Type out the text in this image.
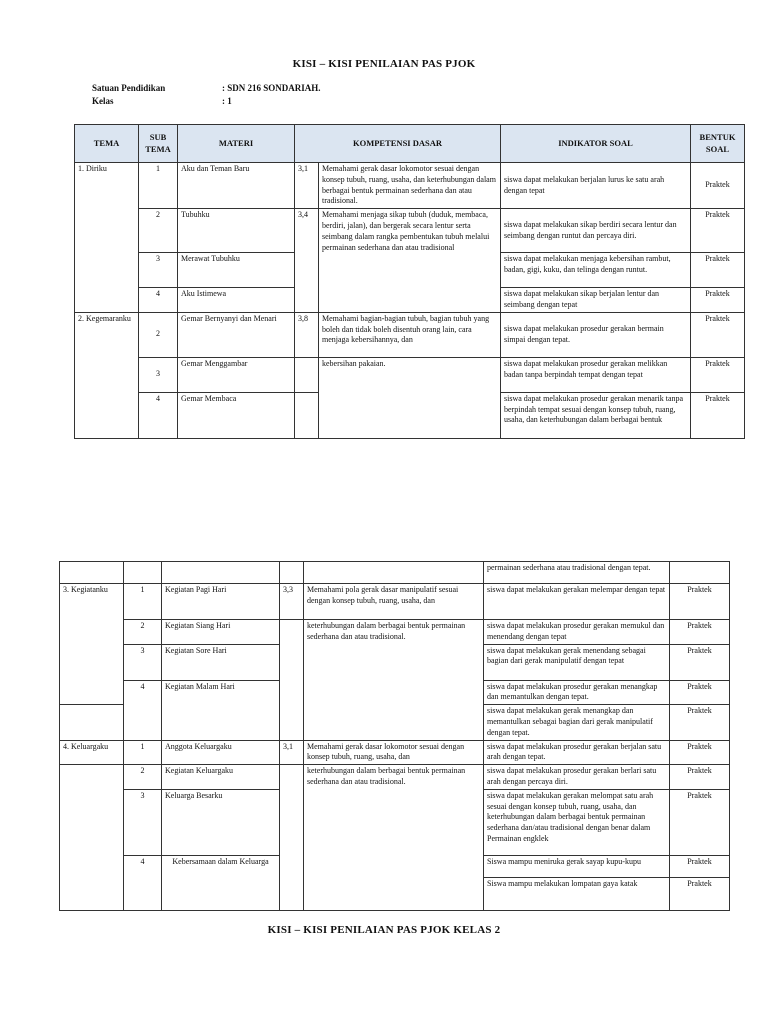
KISI – KISI PENILAIAN PAS PJOK
Satuan Pendidikan	: SDN 216 SONDARIAH.
Kelas	: 1
TEMA	SUB TEMA	MATERI	KOMPETENSI DASAR		INDIKATOR SOAL	BENTUK SOAL
1. Diriku	1	Aku dan Teman Baru	3,1	Memahami gerak dasar lokomotor sesuai dengan konsep tubuh, ruang, usaha, dan keterhubungan dalam berbagai bentuk permainan sederhana dan atau tradisional.	siswa dapat melakukan berjalan lurus ke satu arah dengan tepat	Praktek
	2	Tubuhku	3,4	Memahami menjaga sikap tubuh (duduk, membaca, berdiri, jalan), dan bergerak secara lentur serta seimbang dalam rangka pembentukan tubuh melalui permainan sederhana dan atau tradisional	siswa dapat melakukan sikap berdiri secara lentur dan seimbang dengan runtut dan percaya diri.	Praktek
	3	Merawat Tubuhku			siswa dapat melakukan menjaga kebersihan rambut, badan, gigi, kuku, dan telinga dengan runtut.	Praktek
	4	Aku Istimewa			siswa dapat melakukan sikap berjalan lentur dan seimbang dengan tepat	Praktek
2. Kegemaranku	2	Gemar Bernyanyi dan Menari	3,8	Memahami bagian-bagian tubuh, bagian tubuh yang boleh dan tidak boleh disentuh orang lain, cara menjaga kebersihannya, dan	siswa dapat melakukan prosedur gerakan bermain simpai dengan tepat.	Praktek
	3	Gemar Menggambar		kebersihan pakaian.	siswa dapat melakukan prosedur gerakan melikkan badan tanpa berpindah tempat dengan tepat	Praktek
	4	Gemar Membaca			siswa dapat melakukan prosedur gerakan menarik tanpa berpindah tempat sesuai dengan konsep tubuh, ruang, usaha, dan keterhubungan dalam berbagai bentuk	Praktek
					permainan sederhana atau tradisional dengan tepat.	
3. Kegiatanku	1	Kegiatan Pagi Hari	3,3	Memahami pola gerak dasar manipulatif sesuai dengan konsep tubuh, ruang, usaha, dan	siswa dapat melakukan gerakan melempar dengan tepat	Praktek
	2	Kegiatan Siang Hari		keterhubungan dalam berbagai bentuk permainan sederhana dan atau tradisional.	siswa dapat melakukan prosedur gerakan memukul dan menendang dengan tepat	Praktek
	3	Kegiatan Sore Hari			siswa dapat melakukan gerak menendang sebagai bagian dari gerak manipulatif dengan tepat	Praktek
	4	Kegiatan Malam Hari			siswa dapat melakukan prosedur gerakan menangkap dan memantulkan dengan tepat.	Praktek
					siswa dapat melakukan gerak menangkap dan memantulkan sebagai bagian dari gerak manipulatif dengan tepat.	Praktek
4. Keluargaku	1	Anggota Keluargaku	3,1	Memahami gerak dasar lokomotor sesuai dengan konsep tubuh, ruang, usaha, dan	siswa dapat melakukan prosedur gerakan berjalan satu arah dengan tepat.	Praktek
	2	Kegiatan Keluargaku		keterhubungan dalam berbagai bentuk permainan sederhana dan atau tradisional.	siswa dapat melakukan prosedur gerakan berlari satu arah dengan percaya diri.	Praktek
	3	Keluarga Besarku			siswa dapat melakukan gerakan melompat satu arah sesuai dengan konsep tubuh, ruang, usaha, dan keterhubungan dalam berbagai bentuk permainan sederhana dan/atau tradisional dengan benar dalam Permainan engklek	Praktek
	4	Kebersamaan dalam Keluarga			Siswa mampu meniruka gerak sayap kupu-kupu	Praktek
					Siswa mampu melakukan lompatan gaya katak	Praktek
KISI – KISI PENILAIAN PAS PJOK KELAS 2
